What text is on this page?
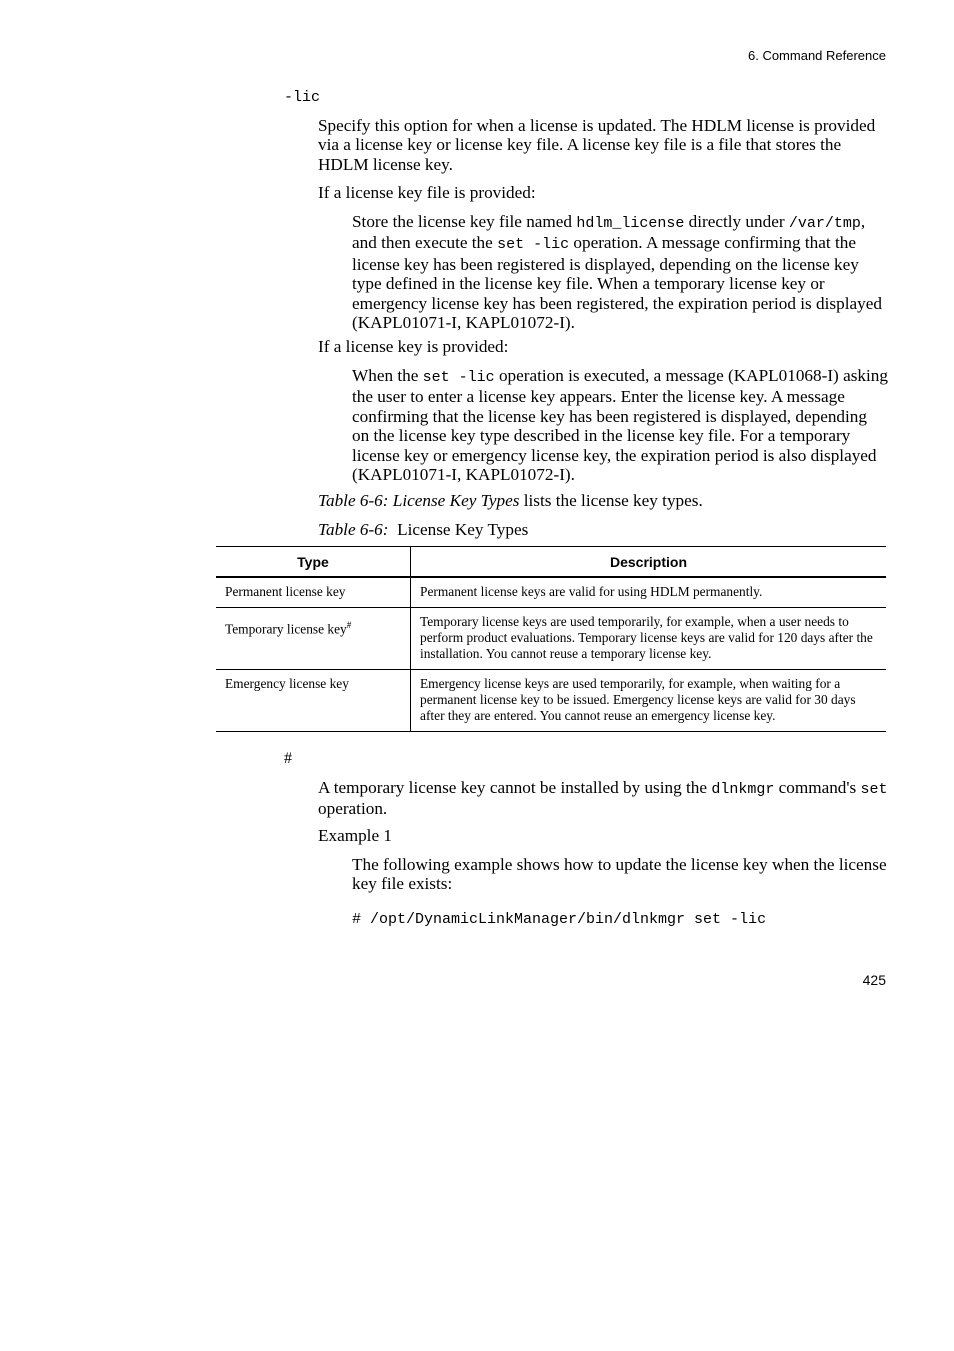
6. Command Reference
-lic
Specify this option for when a license is updated. The HDLM license is provided via a license key or license key file. A license key file is a file that stores the HDLM license key.
If a license key file is provided:
Store the license key file named hdlm_license directly under /var/tmp, and then execute the set -lic operation. A message confirming that the license key has been registered is displayed, depending on the license key type defined in the license key file. When a temporary license key or emergency license key has been registered, the expiration period is displayed (KAPL01071-I, KAPL01072-I).
If a license key is provided:
When the set -lic operation is executed, a message (KAPL01068-I) asking the user to enter a license key appears. Enter the license key. A message confirming that the license key has been registered is displayed, depending on the license key type described in the license key file. For a temporary license key or emergency license key, the expiration period is also displayed (KAPL01071-I, KAPL01072-I).
Table 6-6: License Key Types lists the license key types.
Table 6-6:  License Key Types
Type	Description
Permanent license key	Permanent license keys are valid for using HDLM permanently.
Temporary license key#	Temporary license keys are used temporarily, for example, when a user needs to perform product evaluations. Temporary license keys are valid for 120 days after the installation. You cannot reuse a temporary license key.
Emergency license key	Emergency license keys are used temporarily, for example, when waiting for a permanent license key to be issued. Emergency license keys are valid for 30 days after they are entered. You cannot reuse an emergency license key.
#
A temporary license key cannot be installed by using the dlnkmgr command's set operation.
Example 1
The following example shows how to update the license key when the license key file exists:
# /opt/DynamicLinkManager/bin/dlnkmgr set -lic
425
